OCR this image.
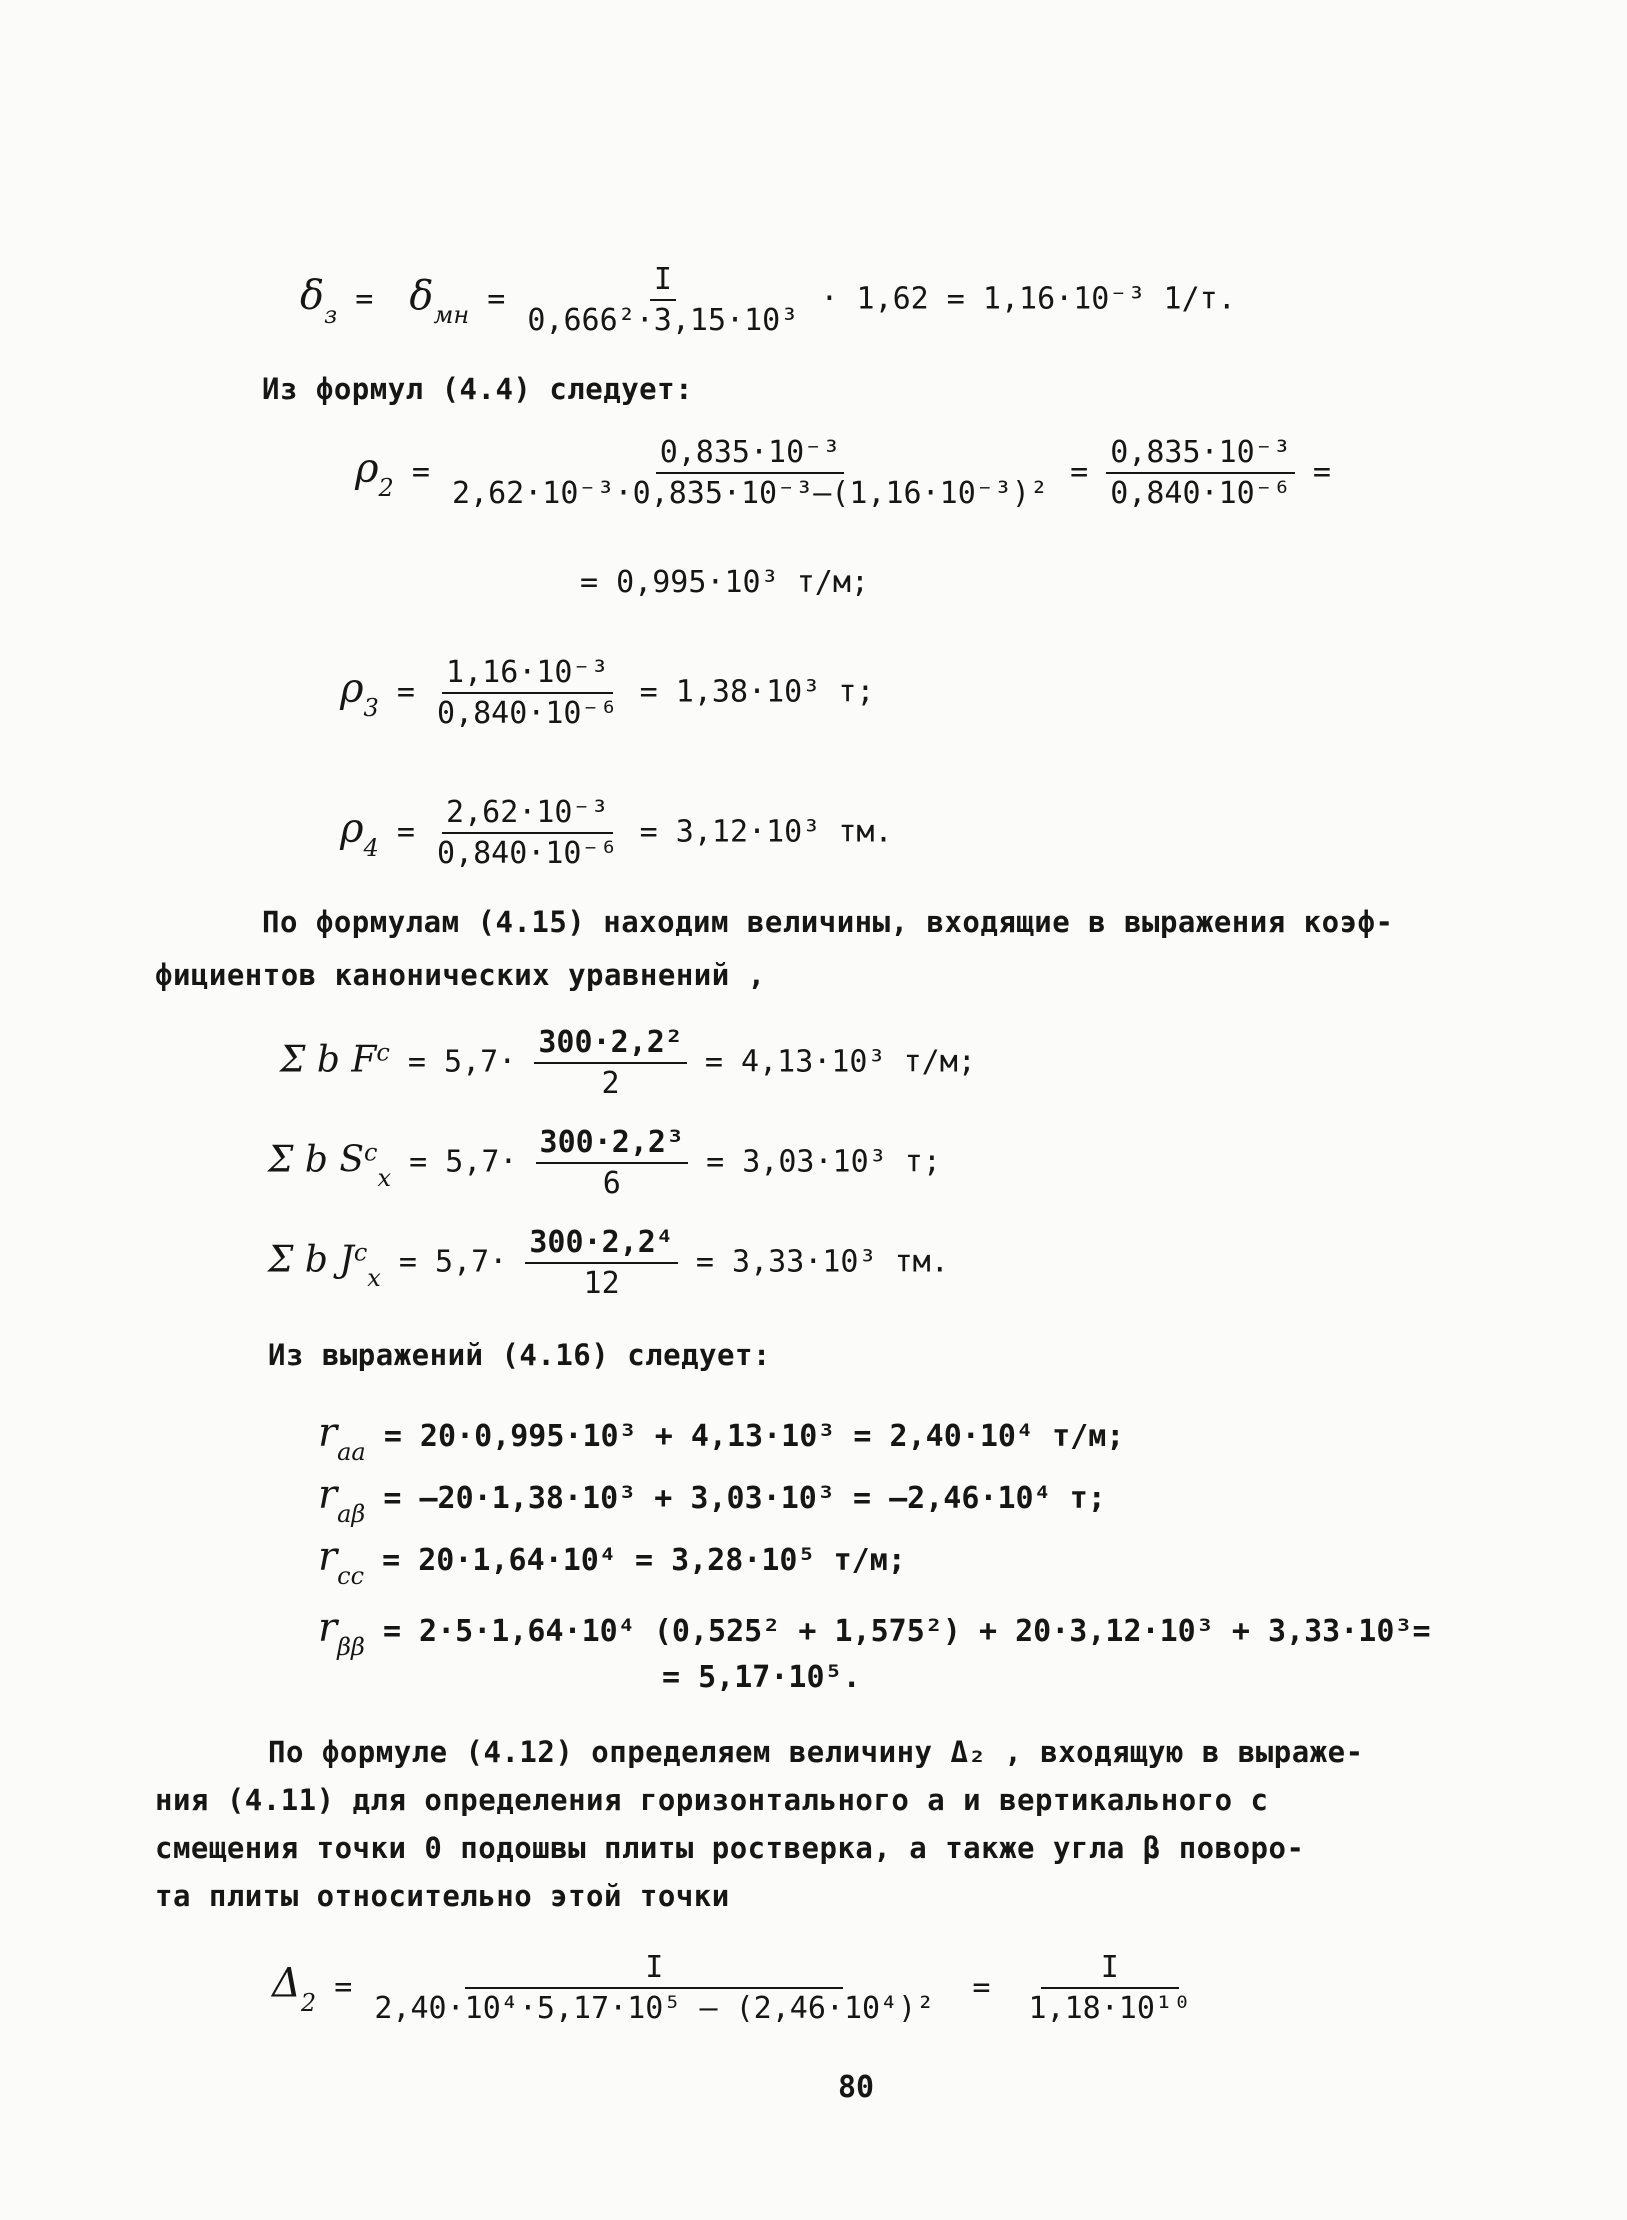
$\delta_з = \delta_{мн} = \frac{I}{\text{0,666²·3,15·10³}} \cdot 1,62 = 1,16\cdot 10^{-3}$ 1/т.
Из формул (4.4) следует:
$\rho_2 = \frac{\text{0,835·10⁻³}}{\text{2,62·10⁻³·0,835·10⁻³–(1,16·10⁻³)²}} = \frac{\text{0,835·10⁻³}}{\text{0,840·10⁻⁶}}$ =
= 0,995·10³ т/м;
$\rho_3 = \frac{\text{1,16·10⁻³}}{\text{0,840·10⁻⁶}} = 1,38\cdot 10^3$ т;
$\rho_4 = \frac{\text{2,62·10⁻³}}{\text{0,840·10⁻⁶}} = 3,12\cdot 10^3$ тм.
По формулам (4.15) находим величины, входящие в выражения коэф-
фициентов канонических уравнений ,
Σ b $F^c = 5,7\cdot \frac{\text{300·2,2²}}{2} = 4,13\cdot 10^3$ т/м;
Σ b $S^c_x = 5,7\cdot \frac{\text{300·2,2³}}{6} = 3,03\cdot 10^3$ т;
Σ b $J^c_x = 5,7\cdot \frac{\text{300·2,2⁴}}{12} = 3,33\cdot 10^3$ тм.
Из выражений (4.16) следует:
$r_{aa} = 20\cdot 0,995\cdot 10^3 + 4,13\cdot 10^3 = 2,40\cdot 10^4$ т/м;
$r_{a\beta} = -20\cdot 1,38\cdot 10^3 + 3,03\cdot 10^3 = -2,46\cdot 10^4$ т;
$r_{cc} = 20\cdot 1,64\cdot 10^4 = 3,28\cdot 10^5$ т/м;
$r_{\beta\beta} = 2\cdot 5\cdot 1,64\cdot 10^4$ (0,525² + 1,575²) + 20·3,12·10³ + 3,33·10³=
= 5,17·10⁵.
По формуле (4.12) определяем величину Δ₂ , входящую в выраже-
ния (4.11) для определения горизонтального a и вертикального c
смещения точки 0 подошвы плиты ростверка, а также угла β поворо-
та плиты относительно этой точки
$\Delta_2 = \frac{I}{\text{2,40·10⁴·5,17·10⁵ – (2,46·10⁴)²}} = \frac{I}{\text{1,18·10¹⁰}}$
80
